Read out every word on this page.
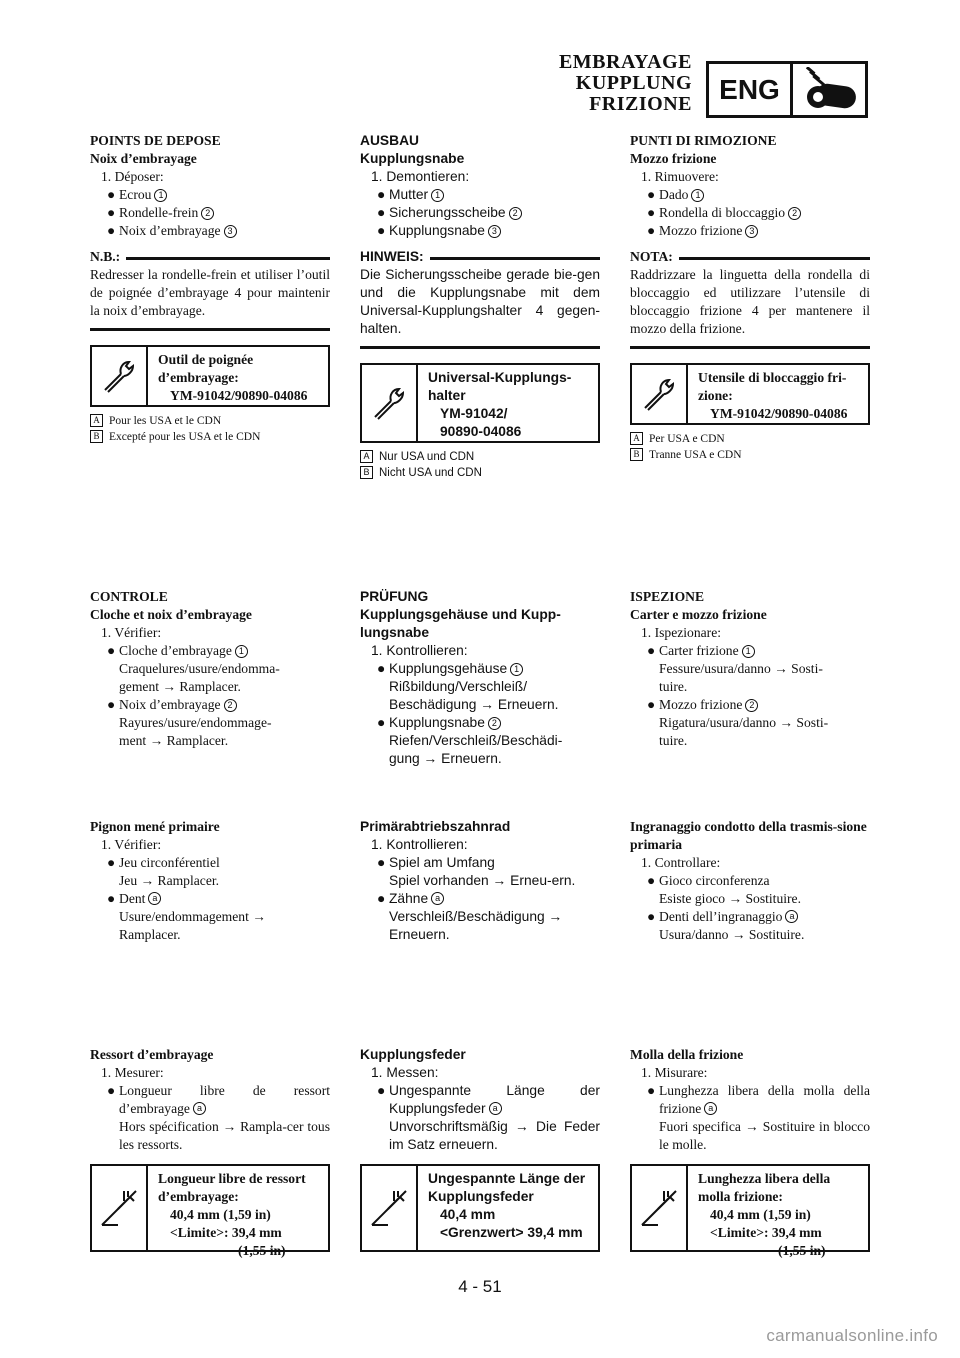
EMBRAYAGE
KUPPLUNG
FRIZIONE ENG
POINTS DE DEPOSE
Noix d’embrayage
1. Déposer:
● Ecrou 1
● Rondelle-frein 2
● Noix d’embrayage 3
N.B.:
Redresser la rondelle-frein et utiliser l’outil de poignée d’embrayage 4 pour maintenir la noix d’embrayage.
Outil de poignée
d’embrayage:
YM-91042/90890-04086
A Pour les USA et le CDN
B Excepté pour les USA et le CDN
CONTROLE
Cloche et noix d’embrayage
1. Vérifier:
● Cloche d’embrayage 1
Craquelures/usure/endomma-
gement → Ramplacer.
● Noix d’embrayage 2
Rayures/usure/endommage-
ment → Ramplacer.
Pignon mené primaire
1. Vérifier:
● Jeu circonférentiel
Jeu → Ramplacer.
● Dent a
Usure/endommagement →
Ramplacer.
Ressort d’embrayage
1. Mesurer:
● Longueur libre de ressort d’embrayage a
Hors spécification → Rampla-cer tous les ressorts.
Longueur libre de ressort
d’embrayage:
40,4 mm (1,59 in)
<Limite>: 39,4 mm
(1,55 in)
AUSBAU
Kupplungsnabe
1. Demontieren:
● Mutter 1
● Sicherungsscheibe 2
● Kupplungsnabe 3
HINWEIS:
Die Sicherungsscheibe gerade bie-gen und die Kupplungsnabe mit dem Universal-Kupplungshalter 4 gegen-halten.
Universal-Kupplungs-
halter
YM-91042/
90890-04086
A Nur USA und CDN
B Nicht USA und CDN
PRÜFUNG
Kupplungsgehäuse und Kupp-lungsnabe
1. Kontrollieren:
● Kupplungsgehäuse 1
Rißbildung/Verschleiß/
Beschädigung → Erneuern.
● Kupplungsnabe 2
Riefen/Verschleiß/Beschädi-
gung → Erneuern.
Primärabtriebszahnrad
1. Kontrollieren:
● Spiel am Umfang
Spiel vorhanden → Erneu-ern.
● Zähne a
Verschleiß/Beschädigung →
Erneuern.
Kupplungsfeder
1. Messen:
● Ungespannte Länge der Kupplungsfeder a
Unvorschriftsmäßig → Die Feder im Satz erneuern.
Ungespannte Länge der
Kupplungsfeder
40,4 mm
<Grenzwert> 39,4 mm
PUNTI DI RIMOZIONE
Mozzo frizione
1. Rimuovere:
● Dado 1
● Rondella di bloccaggio 2
● Mozzo frizione 3
NOTA:
Raddrizzare la linguetta della rondella di bloccaggio ed utilizzare l’utensile di bloccaggio frizione 4 per mantenere il mozzo della frizione.
Utensile di bloccaggio fri-
zione:
YM-91042/90890-04086
A Per USA e CDN
B Tranne USA e CDN
ISPEZIONE
Carter e mozzo frizione
1. Ispezionare:
● Carter frizione 1
Fessure/usura/danno → Sosti-
tuire.
● Mozzo frizione 2
Rigatura/usura/danno → Sosti-
tuire.
Ingranaggio condotto della trasmis-sione primaria
1. Controllare:
● Gioco circonferenza
Esiste gioco → Sostituire.
● Denti dell’ingranaggio a
Usura/danno → Sostituire.
Molla della frizione
1. Misurare:
● Lunghezza libera della molla della frizione a
Fuori specifica → Sostituire in blocco le molle.
Lunghezza libera della
molla frizione:
40,4 mm (1,59 in)
<Limite>: 39,4 mm
(1,55 in)
4 - 51
carmanualsonline.info
